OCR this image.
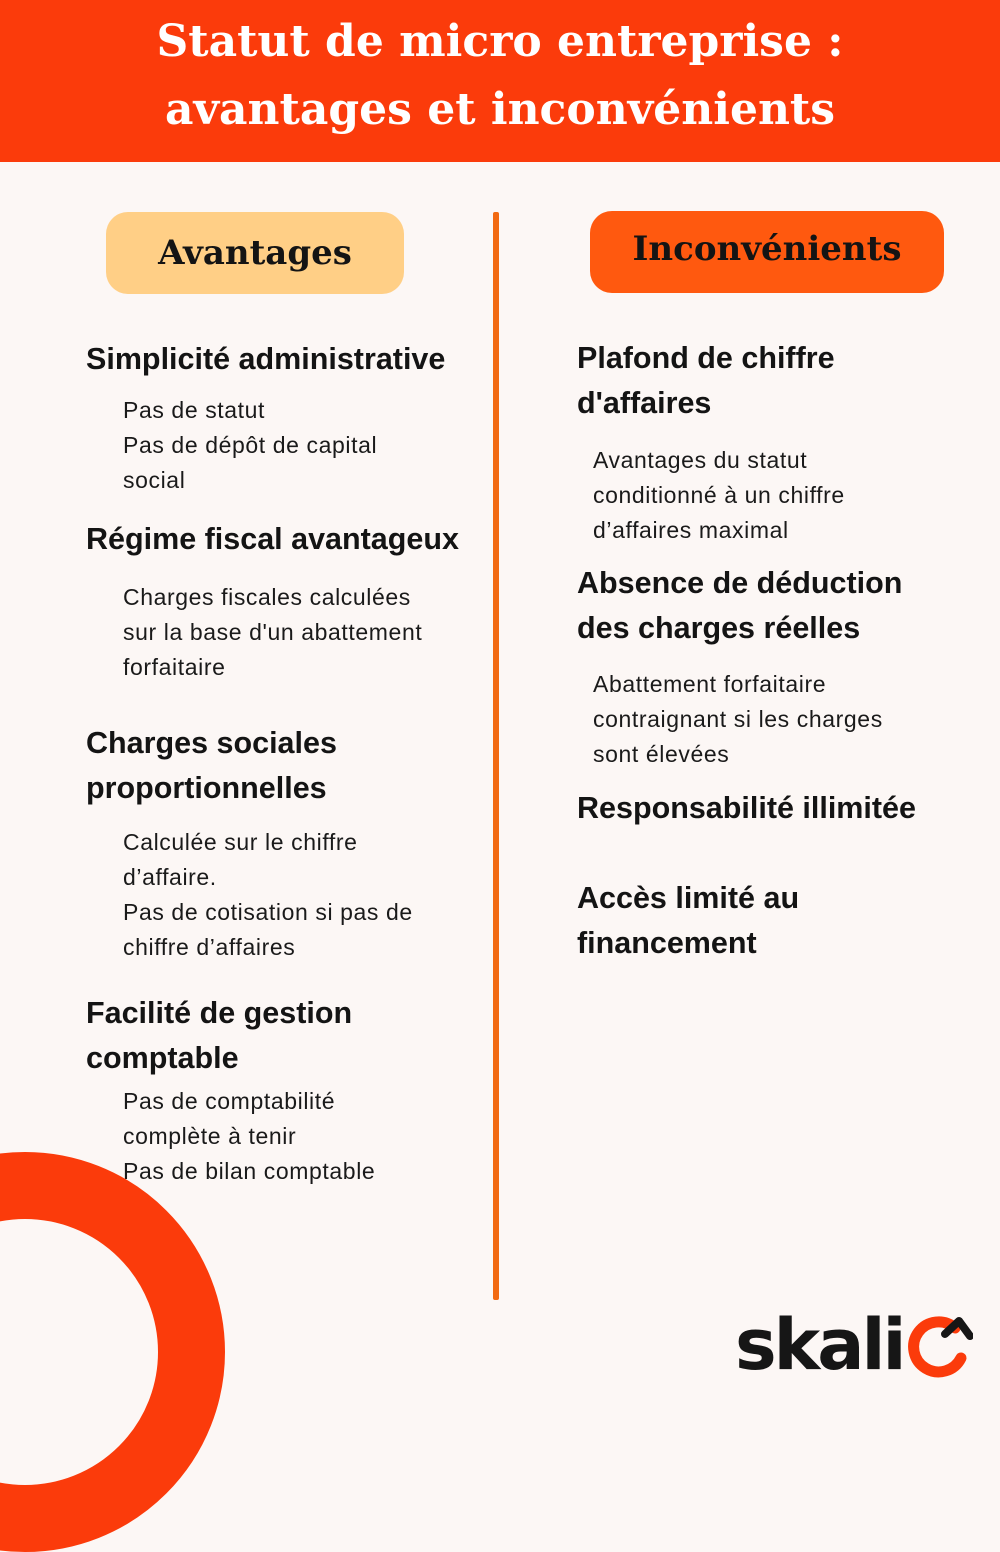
Statut de micro entreprise :
avantages et inconvénients
Avantages	Inconvénients
Simplicité administrative
Pas de statut
Pas de dépôt de capital
social
Régime fiscal avantageux
Charges fiscales calculées
sur la base d'un abattement
forfaitaire
Charges sociales
proportionnelles
Calculée sur le chiffre
d’affaire.
Pas de cotisation si pas de
chiffre d’affaires
Facilité de gestion
comptable
Pas de comptabilité
complète à tenir
Pas de bilan comptable
Plafond de chiffre
d'affaires
Avantages du statut
conditionné à un chiffre
d’affaires maximal
Absence de déduction
des charges réelles
Abattement forfaitaire
contraignant si les charges
sont élevées
Responsabilité illimitée
Accès limité au
financement
skali
